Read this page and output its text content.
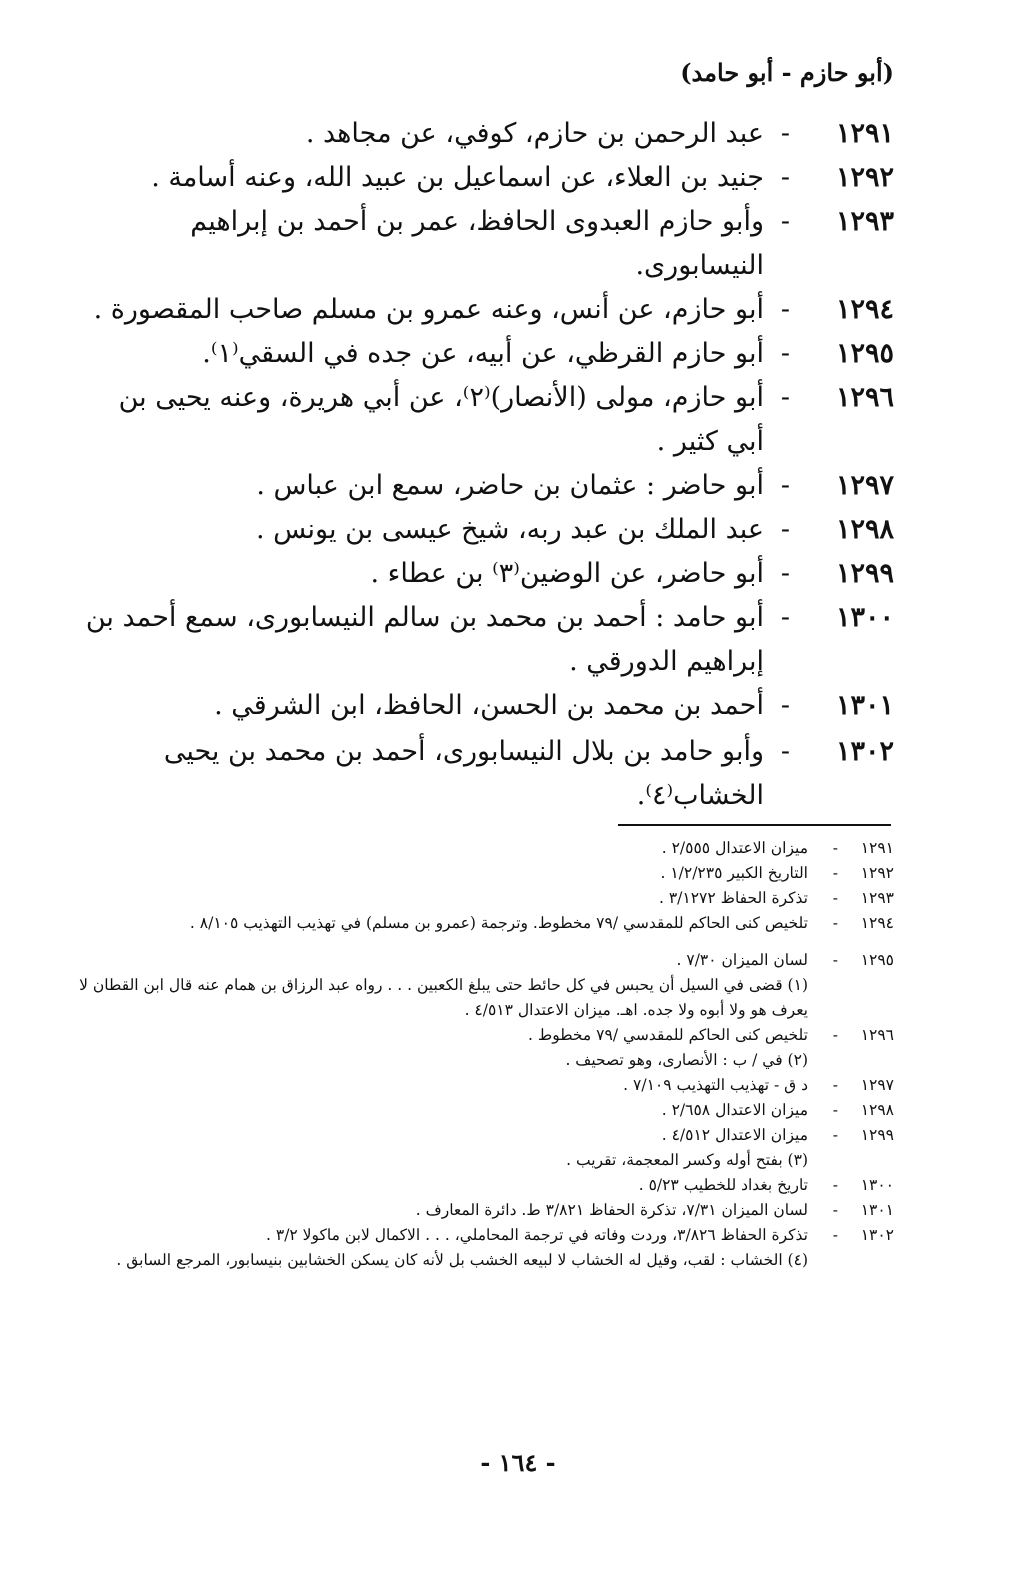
(أبو حازم - أبو حامد)
١٢٩١
-
عبد الرحمن بن حازم، كوفي، عن مجاهد .
١٢٩٢
-
جنيد بن العلاء، عن اسماعيل بن عبيد الله، وعنه أسامة .
١٢٩٣
-
وأبو حازم العبدوى الحافظ، عمر بن أحمد بن إبراهيم النيسابورى.
١٢٩٤
-
أبو حازم، عن أنس، وعنه عمرو بن مسلم صاحب المقصورة .
١٢٩٥
-
أبو حازم القرظي، عن أبيه، عن جده في السقي⁽١⁾.
١٢٩٦
-
أبو حازم، مولى (الأنصار)⁽٢⁾، عن أبي هريرة، وعنه يحيى بن أبي كثير .
١٢٩٧
-
أبو حاضر : عثمان بن حاضر، سمع ابن عباس .
١٢٩٨
-
عبد الملك بن عبد ربه، شيخ عيسى بن يونس .
١٢٩٩
-
أبو حاضر، عن الوضين⁽٣⁾ بن عطاء .
١٣٠٠
-
أبو حامد : أحمد بن محمد بن سالم النيسابورى، سمع أحمد بن إبراهيم الدورقي .
١٣٠١
-
أحمد بن محمد بن الحسن، الحافظ، ابن الشرقي .
١٣٠٢
-
وأبو حامد بن بلال النيسابورى، أحمد بن محمد بن يحيى الخشاب⁽٤⁾.
١٢٩١
-
ميزان الاعتدال ٢/٥٥٥ .
١٢٩٢
-
التاريخ الكبير ١/٢/٢٣٥ .
١٢٩٣
-
تذكرة الحفاظ ٣/١٢٧٢ .
١٢٩٤
-
تلخيص كنى الحاكم للمقدسي /٧٩ مخطوط. وترجمة (عمرو بن مسلم) في تهذيب التهذيب ٨/١٠٥ .
١٢٩٥
-
لسان الميزان ٧/٣٠ .
(١) قضى في السيل أن يحبس في كل حائط حتى يبلغ الكعبين . . . رواه عبد الرزاق بن همام عنه قال ابن القطان لا يعرف هو ولا أبوه ولا جده. اهـ. ميزان الاعتدال ٤/٥١٣ .
١٢٩٦
-
تلخيص كنى الحاكم للمقدسي /٧٩ مخطوط .
(٢) في / ب : الأنصارى، وهو تصحيف .
١٢٩٧
-
د ق - تهذيب التهذيب ٧/١٠٩ .
١٢٩٨
-
ميزان الاعتدال ٢/٦٥٨ .
١٢٩٩
-
ميزان الاعتدال ٤/٥١٢ .
(٣) بفتح أوله وكسر المعجمة، تقريب .
١٣٠٠
-
تاريخ بغداد للخطيب ٥/٢٣ .
١٣٠١
-
لسان الميزان ٧/٣١، تذكرة الحفاظ ٣/٨٢١ ط. دائرة المعارف .
١٣٠٢
-
تذكرة الحفاظ ٣/٨٢٦، وردت وفاته في ترجمة المحاملي، . . . الاكمال لابن ماكولا ٣/٢ .
(٤) الخشاب : لقب، وقيل له الخشاب لا لبيعه الخشب بل لأنه كان يسكن الخشابين بنيسابور، المرجع السابق .
- ١٦٤ -
